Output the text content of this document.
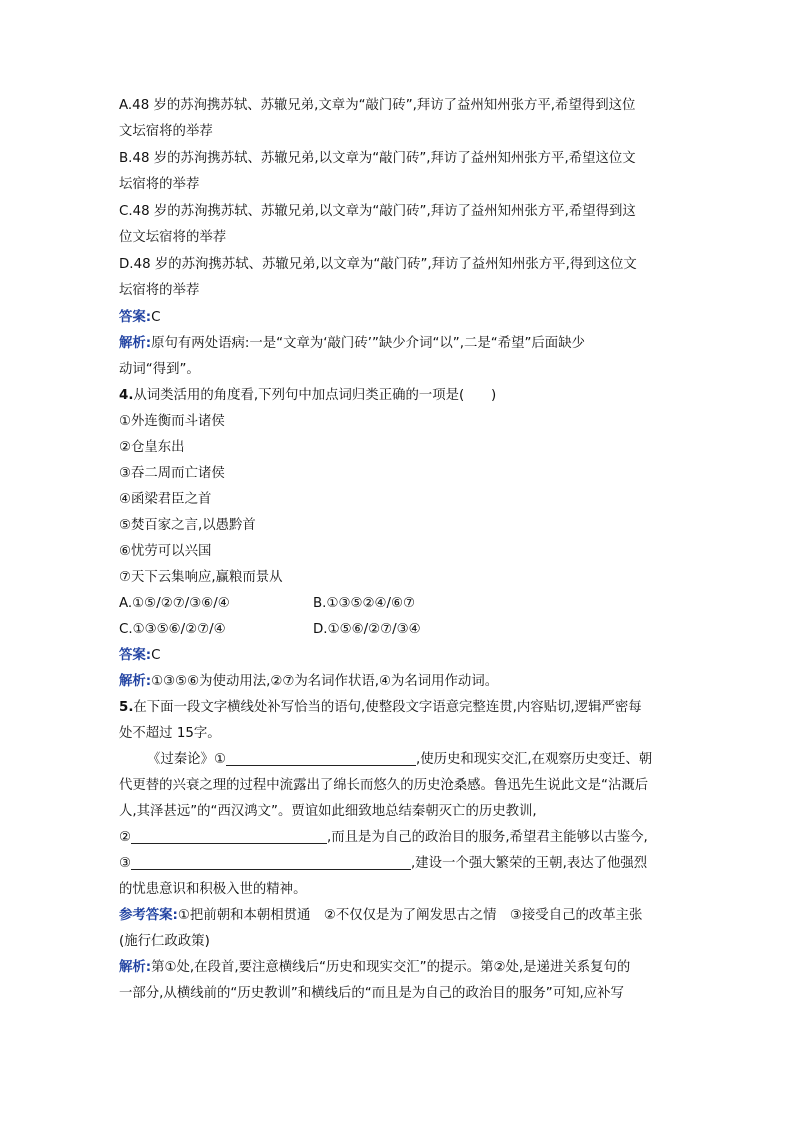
A.48 岁的苏洵携苏轼、苏辙兄弟,文章为“敲门砖”,拜访了益州知州张方平,希望得到这位
文坛宿将的举荐
B.48 岁的苏洵携苏轼、苏辙兄弟,以文章为“敲门砖”,拜访了益州知州张方平,希望这位文
坛宿将的举荐
C.48 岁的苏洵携苏轼、苏辙兄弟,以文章为“敲门砖”,拜访了益州知州张方平,希望得到这
位文坛宿将的举荐
D.48 岁的苏洵携苏轼、苏辙兄弟,以文章为“敲门砖”,拜访了益州知州张方平,得到这位文
坛宿将的举荐
答案:C
解析:原句有两处语病:一是“文章为‘敲门砖’”缺少介词“以”,二是“希望”后面缺少
动词“得到”。
4.从词类活用的角度看,下列句中加点词归类正确的一项是(　　)
①外连衡而斗诸侯
②仓皇东出
③吞二周而亡诸侯
④函梁君臣之首
⑤焚百家之言,以愚黔首
⑥忧劳可以兴国
⑦天下云集响应,赢粮而景从
A.①⑤/②⑦/③⑥/④	B.①③⑤②④/⑥⑦
C.①③⑤⑥/②⑦/④	D.①⑤⑥/②⑦/③④
答案:C
解析:①③⑤⑥为使动用法,②⑦为名词作状语,④为名词用作动词。
5.在下面一段文字横线处补写恰当的语句,使整段文字语意完整连贯,内容贴切,逻辑严密每
处不超过 15字。
《过秦论》①	,使历史和现实交汇,在观察历史变迁、朝
代更替的兴衰之理的过程中流露出了绵长而悠久的历史沧桑感。鲁迅先生说此文是“沾溉后
人,其泽甚远”的“西汉鸿文”。贾谊如此细致地总结秦朝灭亡的历史教训,
②	,而且是为自己的政治目的服务,希望君主能够以古鉴今,
③	,建设一个强大繁荣的王朝,表达了他强烈
的忧患意识和积极入世的精神。
参考答案:①把前朝和本朝相贯通　②不仅仅是为了阐发思古之情　③接受自己的改革主张
(施行仁政政策)
解析:第①处,在段首,要注意横线后“历史和现实交汇”的提示。第②处,是递进关系复句的
一部分,从横线前的“历史教训”和横线后的“而且是为自己的政治目的服务”可知,应补写
